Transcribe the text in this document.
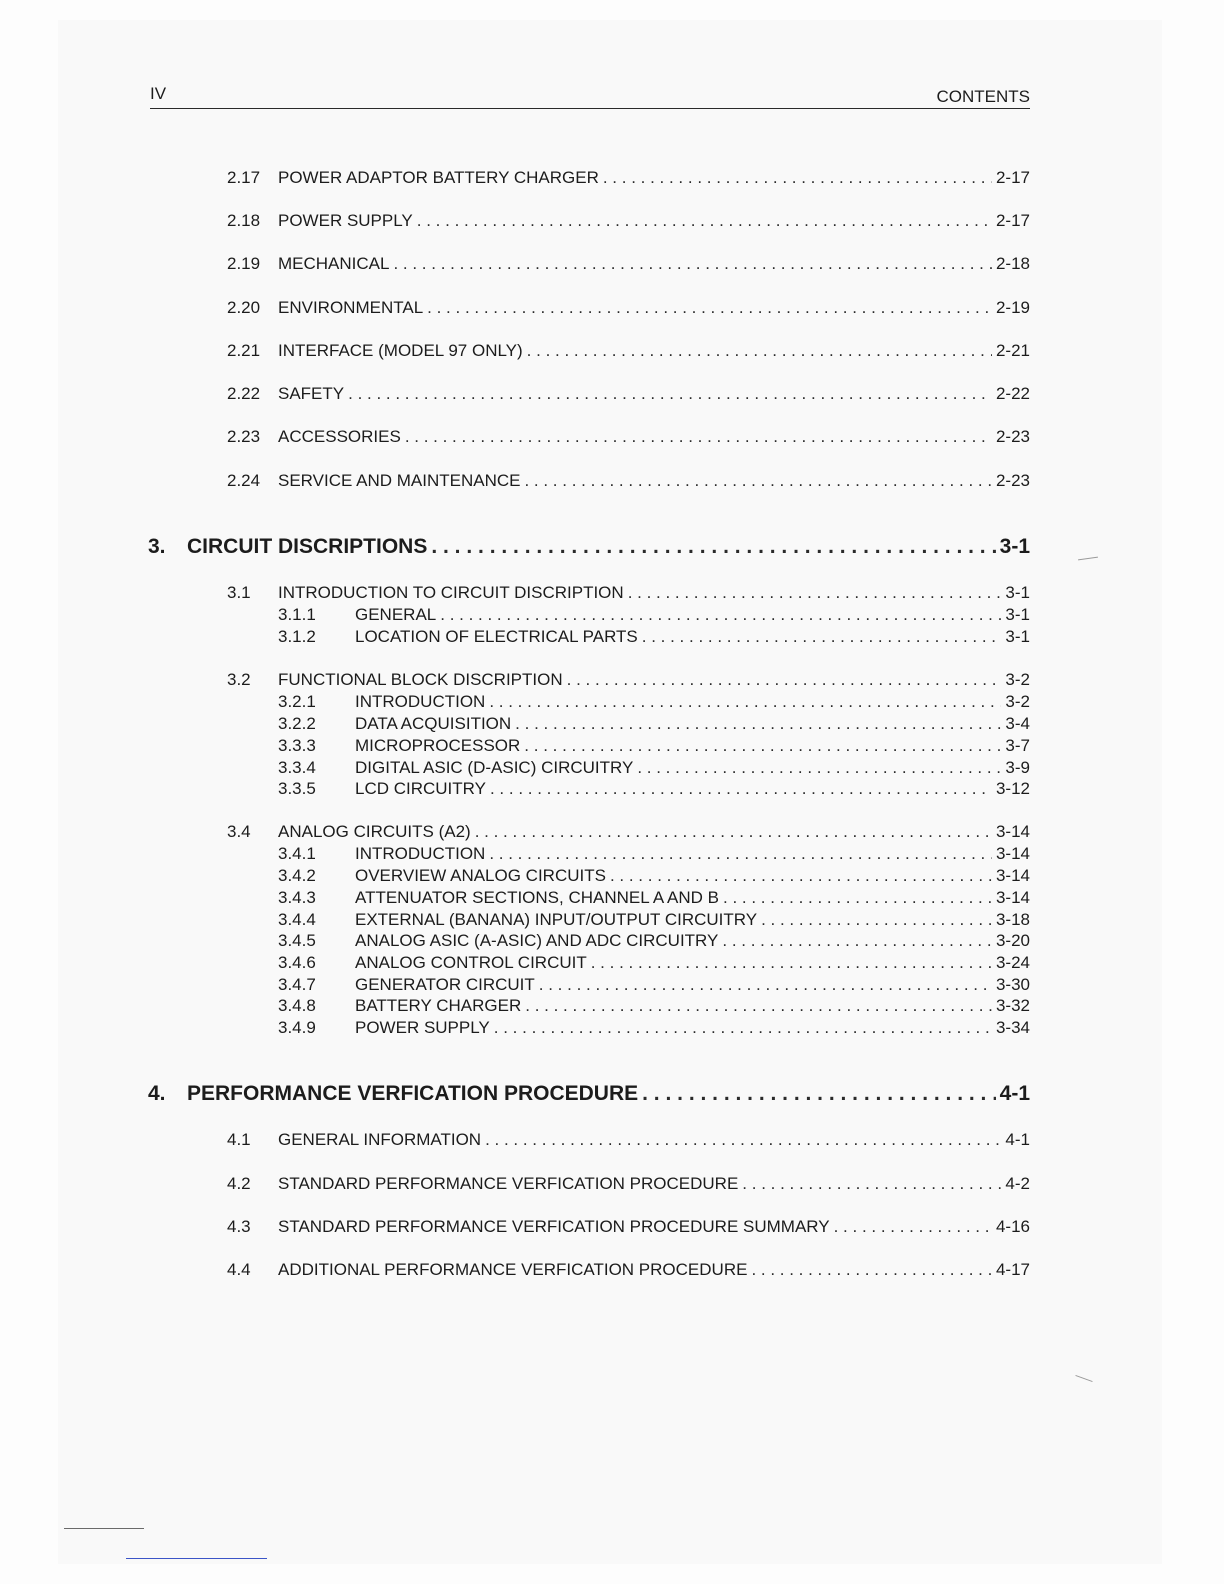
IV	CONTENTS
2.17	POWER ADAPTOR BATTERY CHARGER . . .	2-17
2.18	POWER SUPPLY . . .	2-17
2.19	MECHANICAL . . .	2-18
2.20	ENVIRONMENTAL . . .	2-19
2.21	INTERFACE (MODEL 97 ONLY) . . .	2-21
2.22	SAFETY . . .	2-22
2.23	ACCESSORIES . . .	2-23
2.24	SERVICE AND MAINTENANCE . . .	2-23
3.	CIRCUIT DISCRIPTIONS . . .	3-1
3.1	INTRODUCTION TO CIRCUIT DISCRIPTION . . .	3-1
3.1.1	GENERAL . . .	3-1
3.1.2	LOCATION OF ELECTRICAL PARTS . . .	3-1
3.2	FUNCTIONAL BLOCK DISCRIPTION . . .	3-2
3.2.1	INTRODUCTION . . .	3-2
3.2.2	DATA ACQUISITION . . .	3-4
3.3.3	MICROPROCESSOR . . .	3-7
3.3.4	DIGITAL ASIC (D-ASIC) CIRCUITRY . . .	3-9
3.3.5	LCD CIRCUITRY . . .	3-12
3.4	ANALOG CIRCUITS (A2) . . .	3-14
3.4.1	INTRODUCTION . . .	3-14
3.4.2	OVERVIEW ANALOG CIRCUITS . . .	3-14
3.4.3	ATTENUATOR SECTIONS, CHANNEL A AND B . . .	3-14
3.4.4	EXTERNAL (BANANA) INPUT/OUTPUT CIRCUITRY . . .	3-18
3.4.5	ANALOG ASIC (A-ASIC) AND ADC CIRCUITRY . . .	3-20
3.4.6	ANALOG CONTROL CIRCUIT . . .	3-24
3.4.7	GENERATOR CIRCUIT . . .	3-30
3.4.8	BATTERY CHARGER . . .	3-32
3.4.9	POWER SUPPLY . . .	3-34
4.	PERFORMANCE VERFICATION PROCEDURE . . .	4-1
4.1	GENERAL INFORMATION . . .	4-1
4.2	STANDARD PERFORMANCE VERFICATION PROCEDURE . . .	4-2
4.3	STANDARD PERFORMANCE VERFICATION PROCEDURE SUMMARY . . .	4-16
4.4	ADDITIONAL PERFORMANCE VERFICATION PROCEDURE . . .	4-17
